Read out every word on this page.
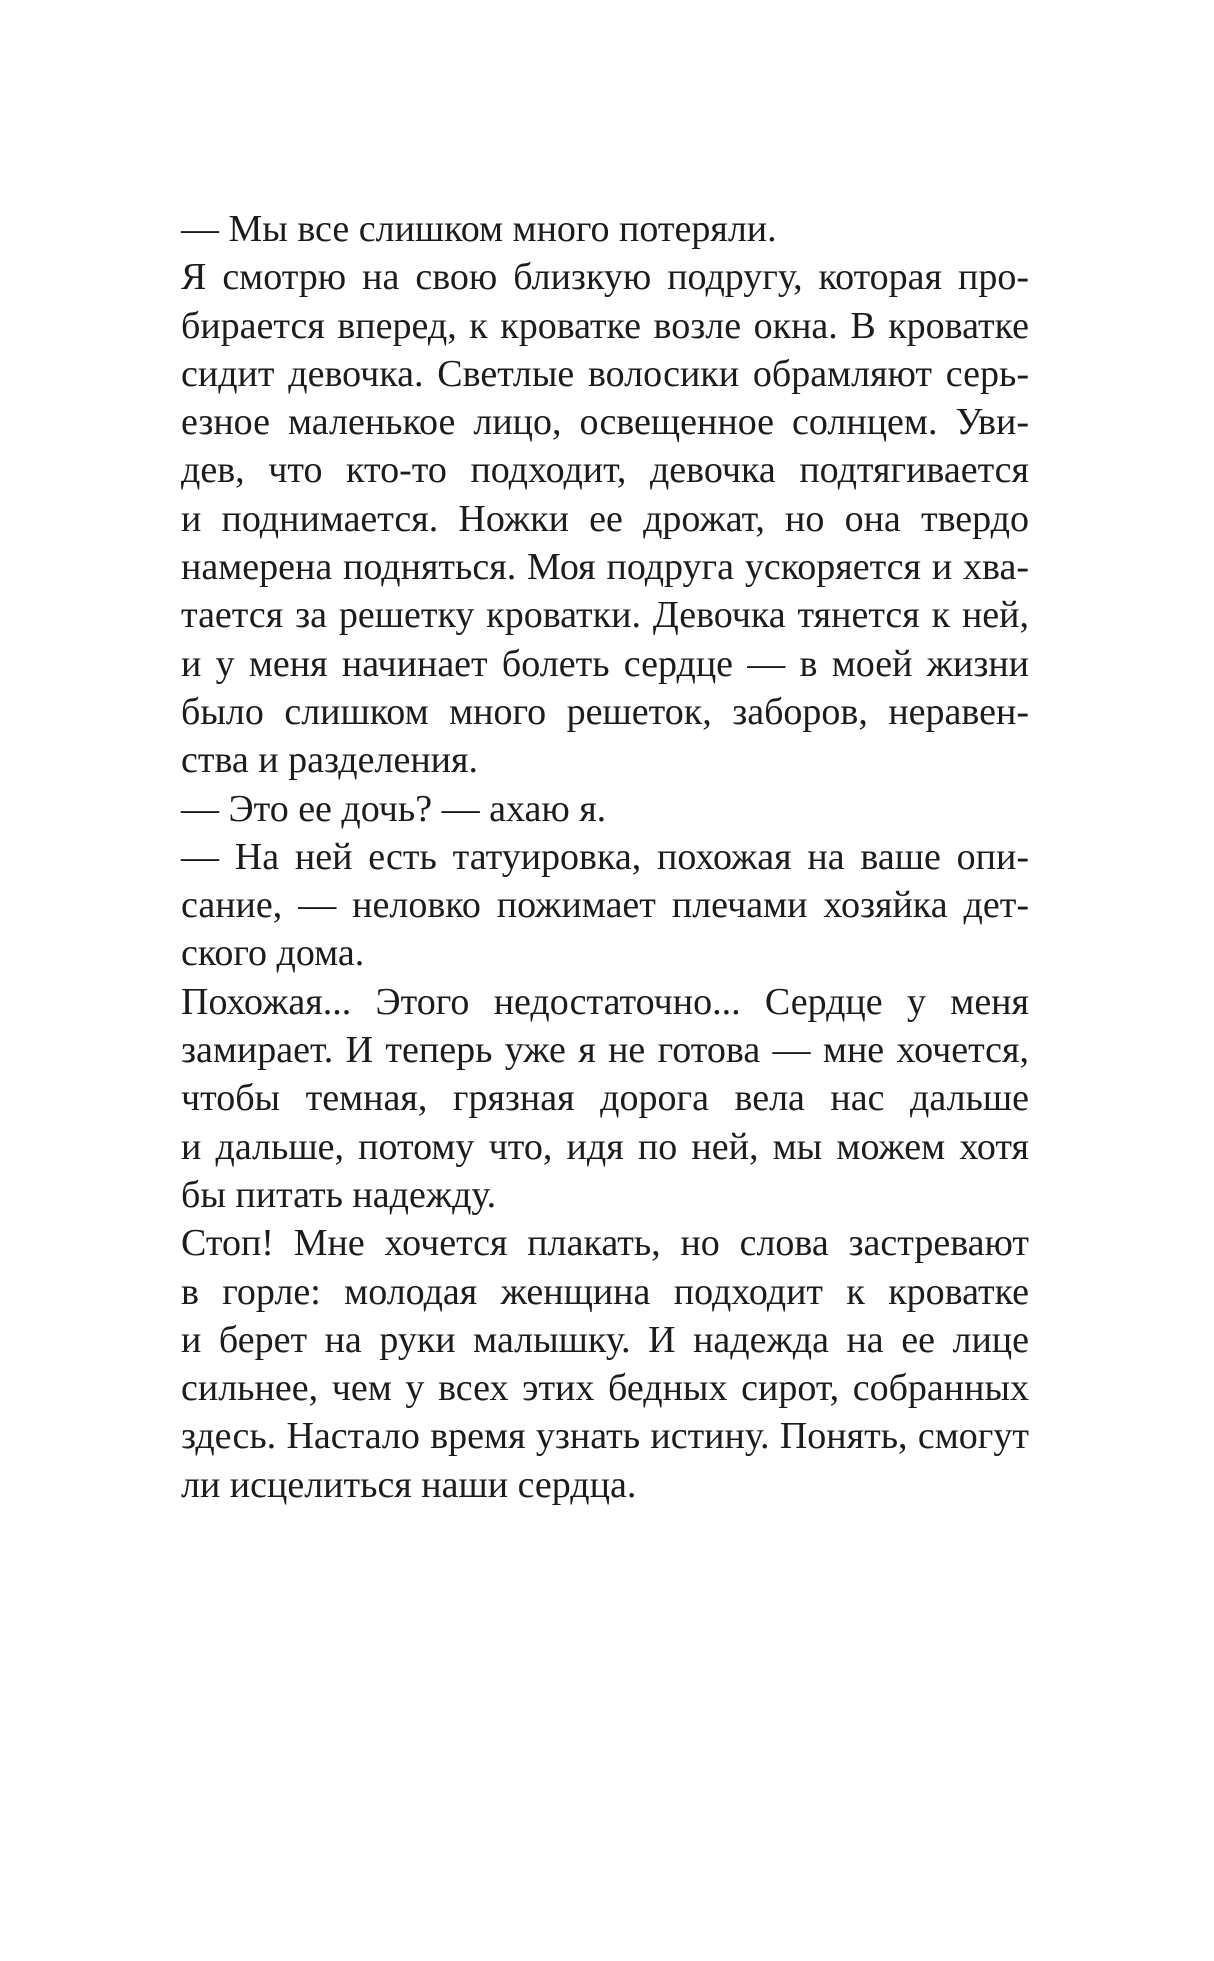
— Мы все слишком много потеряли.

Я смотрю на свою близкую подругу, которая про-
бирается вперед, к кроватке возле окна. В кроватке
сидит девочка. Светлые волосики обрамляют серь-
езное маленькое лицо, освещенное солнцем. Уви-
дев, что кто-то подходит, девочка подтягивается
и поднимается. Ножки ее дрожат, но она твердо
намерена подняться. Моя подруга ускоряется и хва-
тается за решетку кроватки. Девочка тянется к ней,
и у меня начинает болеть сердце — в моей жизни
было слишком много решеток, заборов, неравен-
ства и разделения.

— Это ее дочь? — ахаю я.

— На ней есть татуировка, похожая на ваше опи-
сание, — неловко пожимает плечами хозяйка дет-
ского дома.

Похожая... Этого недостаточно... Сердце у меня
замирает. И теперь уже я не готова — мне хочется,
чтобы темная, грязная дорога вела нас дальше
и дальше, потому что, идя по ней, мы можем хотя
бы питать надежду.

Стоп! Мне хочется плакать, но слова застревают
в горле: молодая женщина подходит к кроватке
и берет на руки малышку. И надежда на ее лице
сильнее, чем у всех этих бедных сирот, собранных
здесь. Настало время узнать истину. Понять, смогут
ли исцелиться наши сердца.
